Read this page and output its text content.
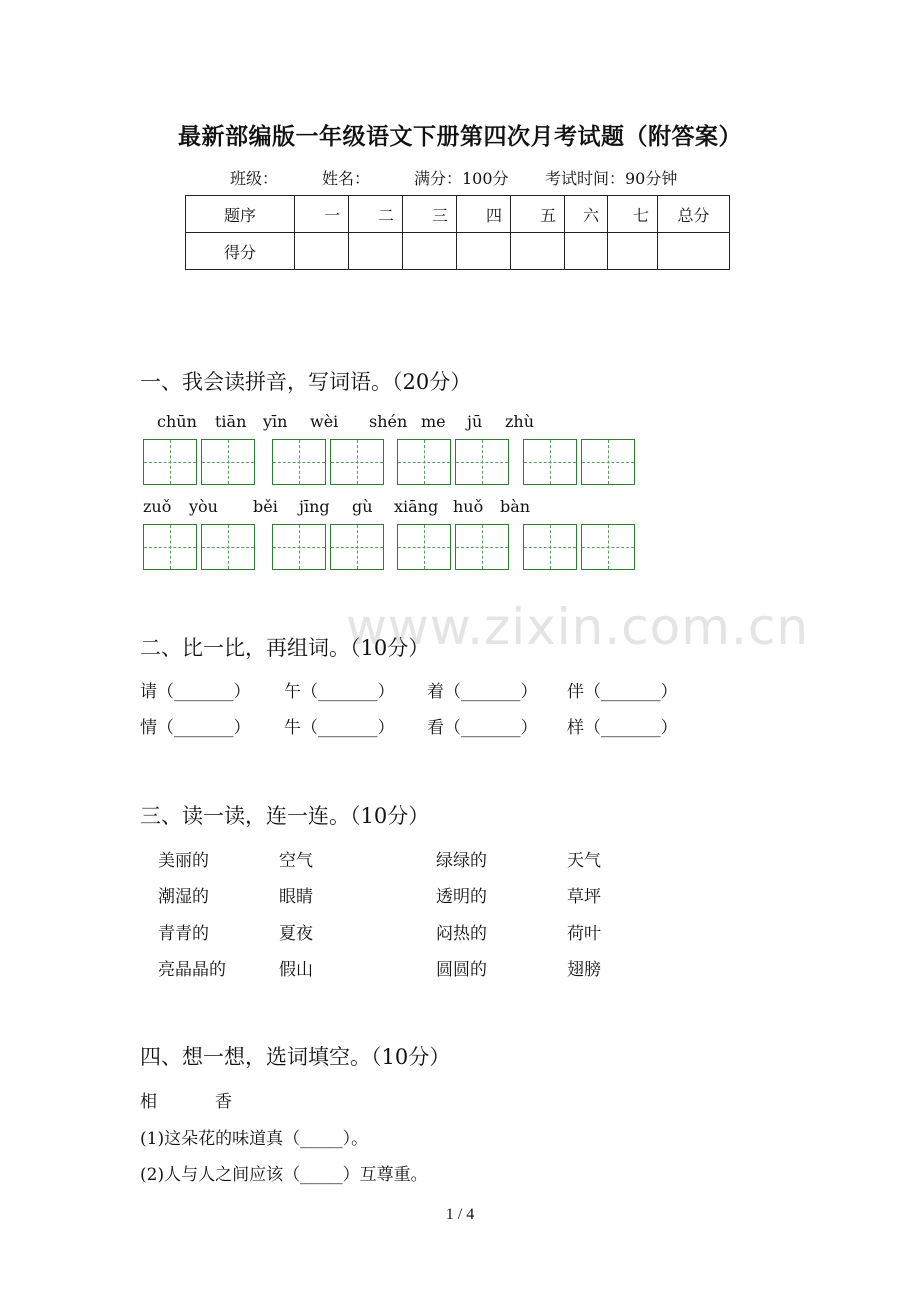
最新部编版一年级语文下册第四次月考试题（附答案）
班级：	姓名：	满分：100分 考试时间：90分钟
题序	一	二	三	四	五	六	七	总分
得分								
一、我会读拼音，写词语。（20分）
chūn tiān yīn wèi shén me jū zhù
zuǒ yòu běi jīng gù xiāng huǒ bàn
www.zixin.com.cn
二、比一比，再组词。（10分）
请（_______） 午（_______） 着（_______） 伴（_______）
情（_______） 牛（_______） 看（_______） 样（_______）
三、读一读，连一连。（10分）
美丽的	空气	绿绿的	天气
潮湿的	眼睛	透明的	草坪
青青的	夏夜	闷热的	荷叶
亮晶晶的	假山	圆圆的	翅膀
四、想一想，选词填空。（10分）
相	香
(1)这朵花的味道真（_____）。
(2)人与人之间应该（_____）互尊重。
1 / 4
